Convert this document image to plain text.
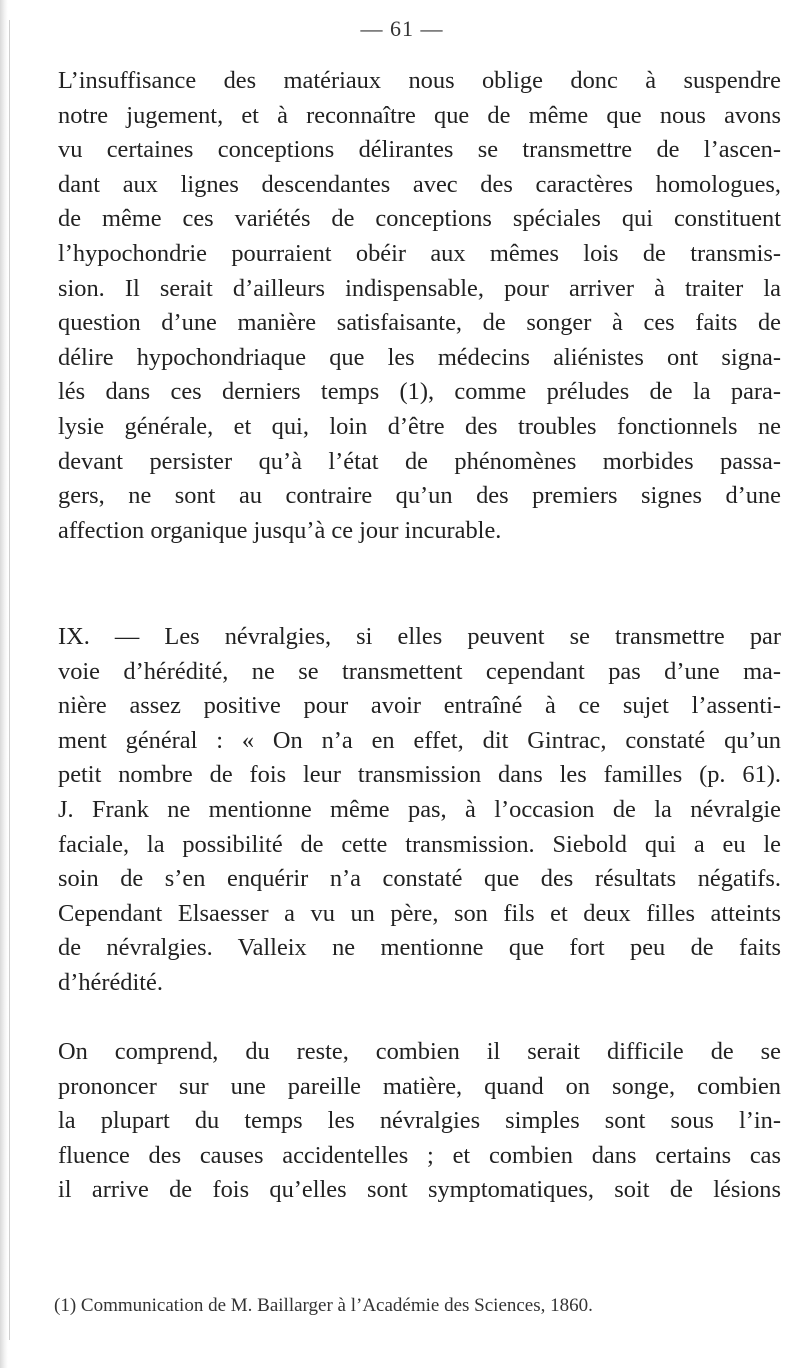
— 61 —

L’insuffisance des matériaux nous oblige donc à suspendre
notre jugement, et à reconnaître que de même que nous avons
vu certaines conceptions délirantes se transmettre de l’ascen-
dant aux lignes descendantes avec des caractères homologues,
de même ces variétés de conceptions spéciales qui constituent
l’hypochondrie pourraient obéir aux mêmes lois de transmis-
sion. Il serait d’ailleurs indispensable, pour arriver à traiter la
question d’une manière satisfaisante, de songer à ces faits de
délire hypochondriaque que les médecins aliénistes ont signa-
lés dans ces derniers temps (1), comme préludes de la para-
lysie générale, et qui, loin d’être des troubles fonctionnels ne
devant persister qu’à l’état de phénomènes morbides passa-
gers, ne sont au contraire qu’un des premiers signes d’une
affection organique jusqu’à ce jour incurable.

IX. — Les névralgies, si elles peuvent se transmettre par
voie d’hérédité, ne se transmettent cependant pas d’une ma-
nière assez positive pour avoir entraîné à ce sujet l’assenti-
ment général : « On n’a en effet, dit Gintrac, constaté qu’un
petit nombre de fois leur transmission dans les familles (p. 61).
J. Frank ne mentionne même pas, à l’occasion de la névralgie
faciale, la possibilité de cette transmission. Siebold qui a eu le
soin de s’en enquérir n’a constaté que des résultats négatifs.
Cependant Elsaesser a vu un père, son fils et deux filles atteints
de névralgies. Valleix ne mentionne que fort peu de faits
d’hérédité.

On comprend, du reste, combien il serait difficile de se
prononcer sur une pareille matière, quand on songe, combien
la plupart du temps les névralgies simples sont sous l’in-
fluence des causes accidentelles ; et combien dans certains cas
il arrive de fois qu’elles sont symptomatiques, soit de lésions

(1) Communication de M. Baillarger à l’Académie des Sciences, 1860.
